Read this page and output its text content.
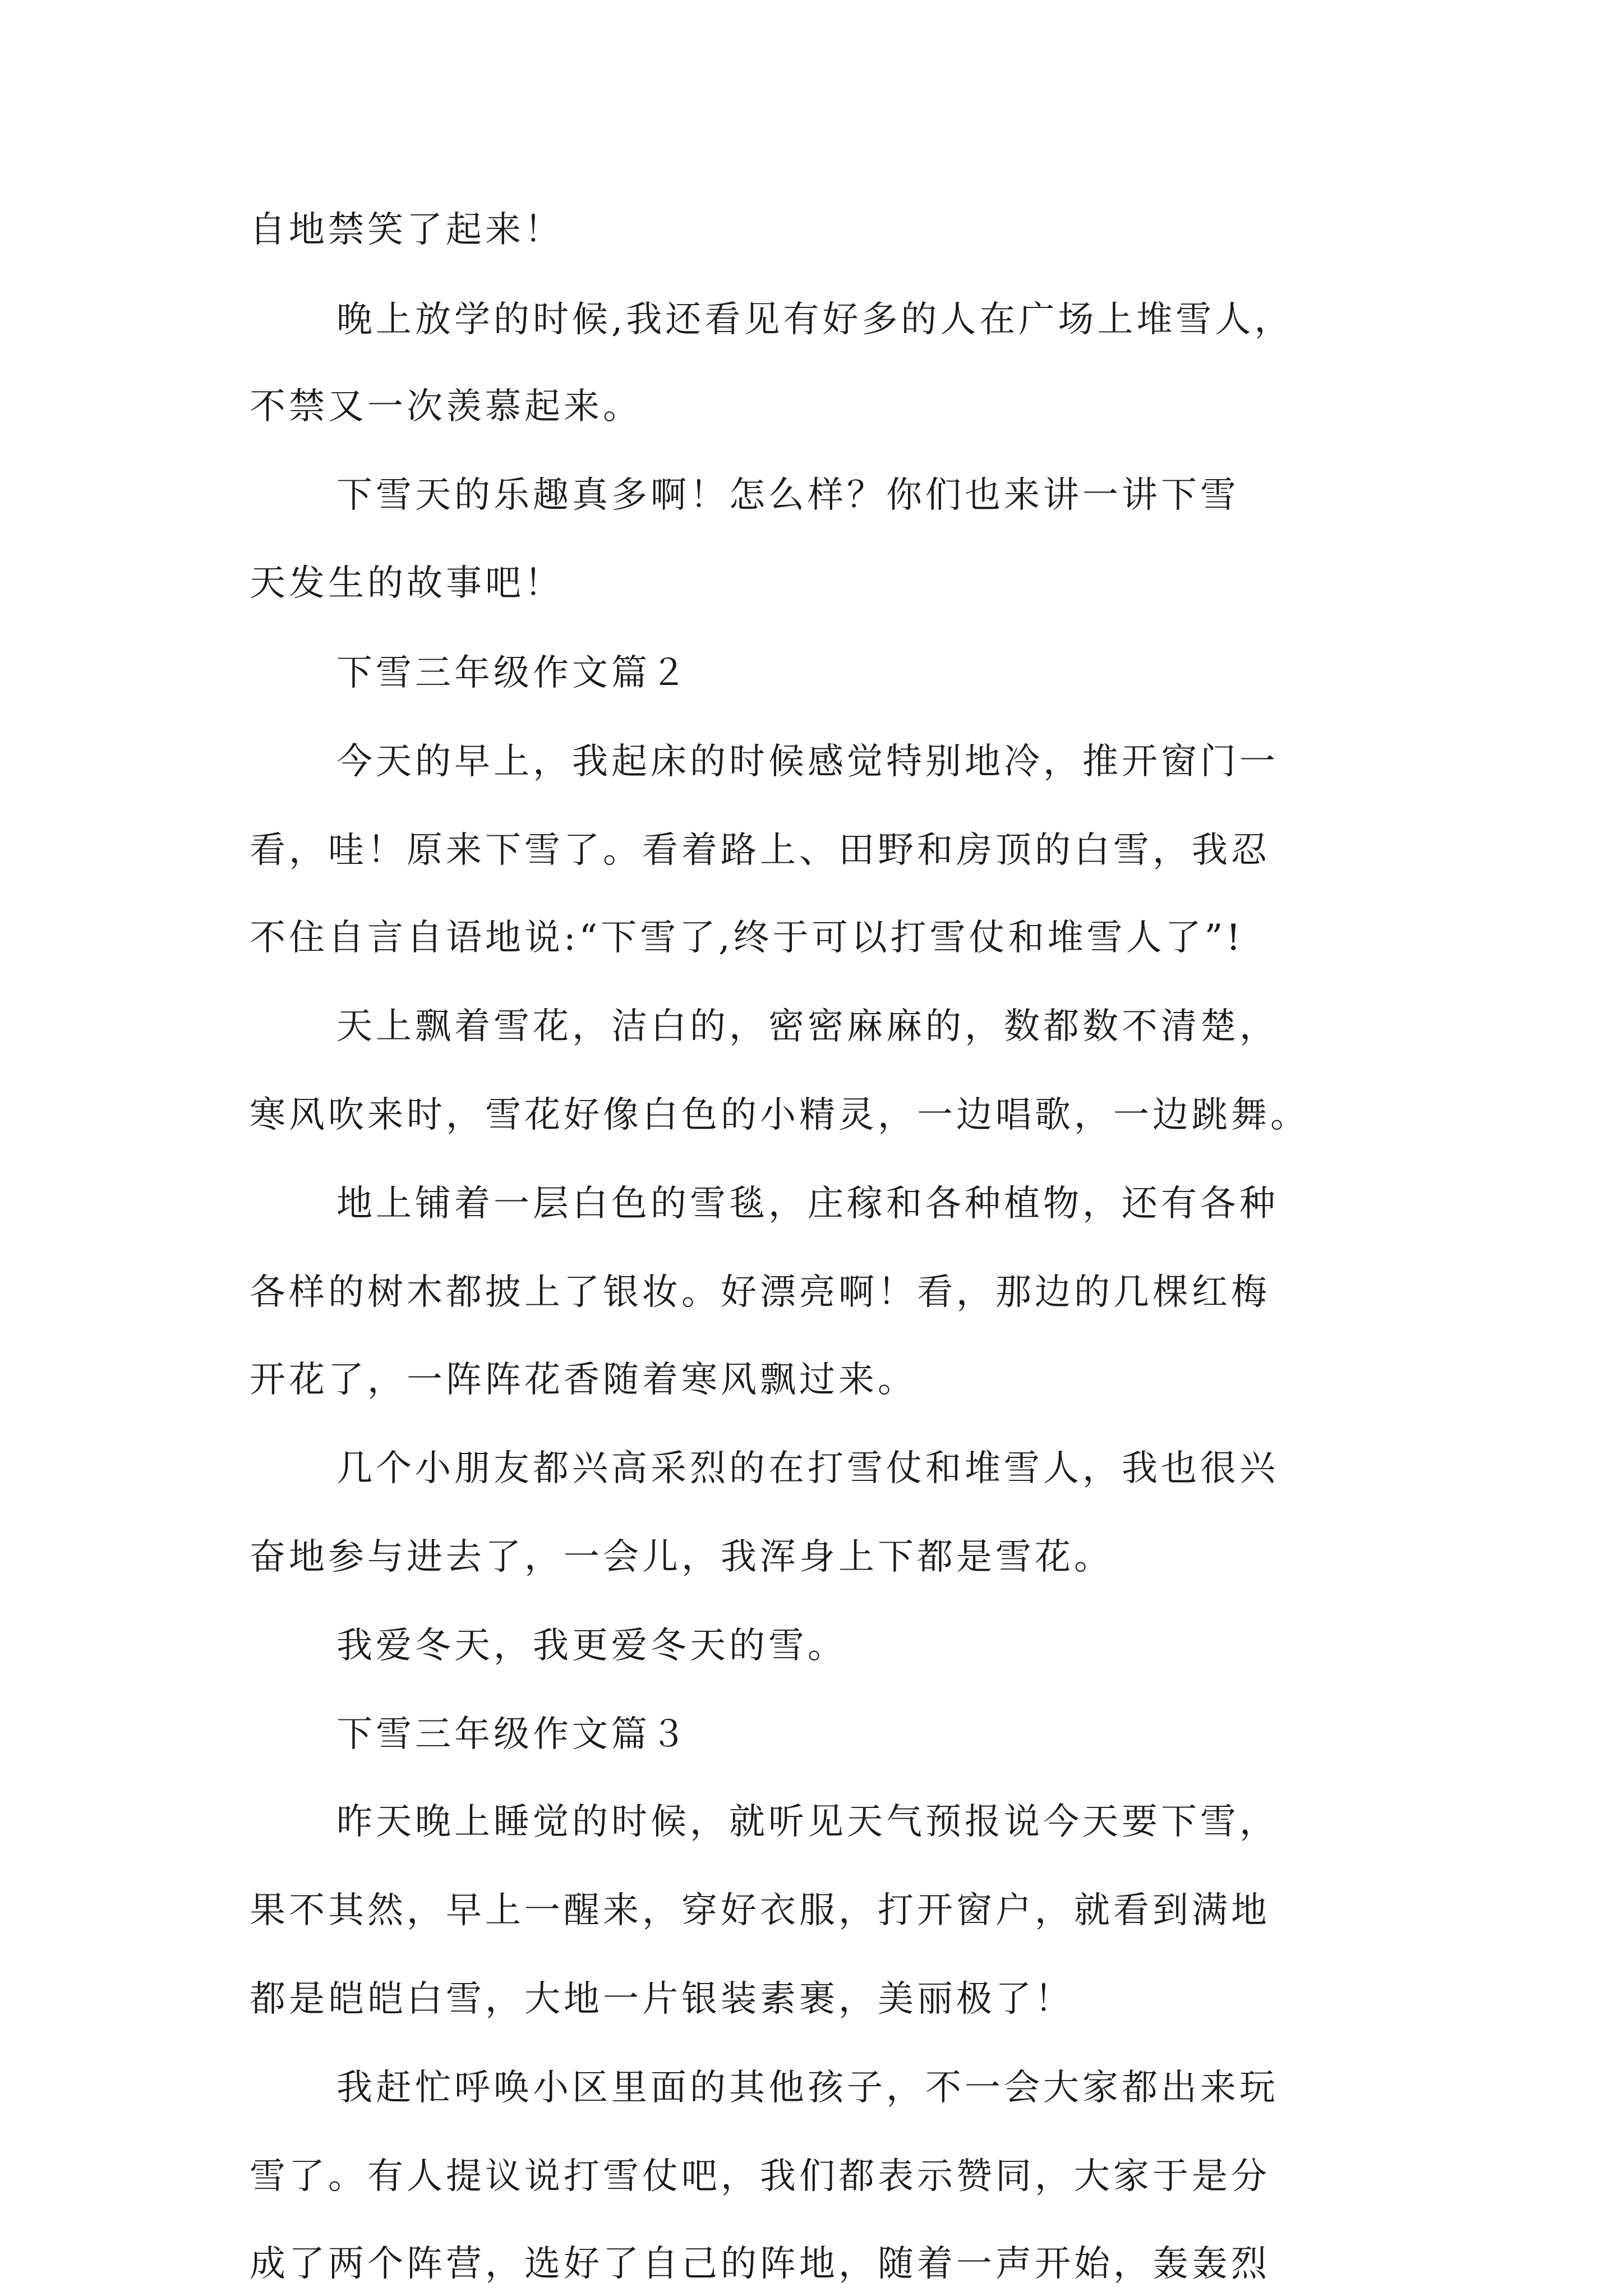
自地禁笑了起来！
晚上放学的时候,我还看见有好多的人在广场上堆雪人，
不禁又一次羡慕起来。
下雪天的乐趣真多啊！怎么样？你们也来讲一讲下雪
天发生的故事吧！
下雪三年级作文篇２
今天的早上，我起床的时候感觉特别地冷，推开窗门一
看，哇！原来下雪了。看着路上、田野和房顶的白雪，我忍
不住自言自语地说:“下雪了,终于可以打雪仗和堆雪人了”!
天上飘着雪花，洁白的，密密麻麻的，数都数不清楚，
寒风吹来时，雪花好像白色的小精灵，一边唱歌，一边跳舞。
地上铺着一层白色的雪毯，庄稼和各种植物，还有各种
各样的树木都披上了银妆。好漂亮啊！看，那边的几棵红梅
开花了，一阵阵花香随着寒风飘过来。
几个小朋友都兴高采烈的在打雪仗和堆雪人，我也很兴
奋地参与进去了，一会儿，我浑身上下都是雪花。
我爱冬天，我更爱冬天的雪。
下雪三年级作文篇３
昨天晚上睡觉的时候，就听见天气预报说今天要下雪，
果不其然，早上一醒来，穿好衣服，打开窗户，就看到满地
都是皑皑白雪，大地一片银装素裹，美丽极了！
我赶忙呼唤小区里面的其他孩子，不一会大家都出来玩
雪了。有人提议说打雪仗吧，我们都表示赞同，大家于是分
成了两个阵营，选好了自己的阵地，随着一声开始，轰轰烈
